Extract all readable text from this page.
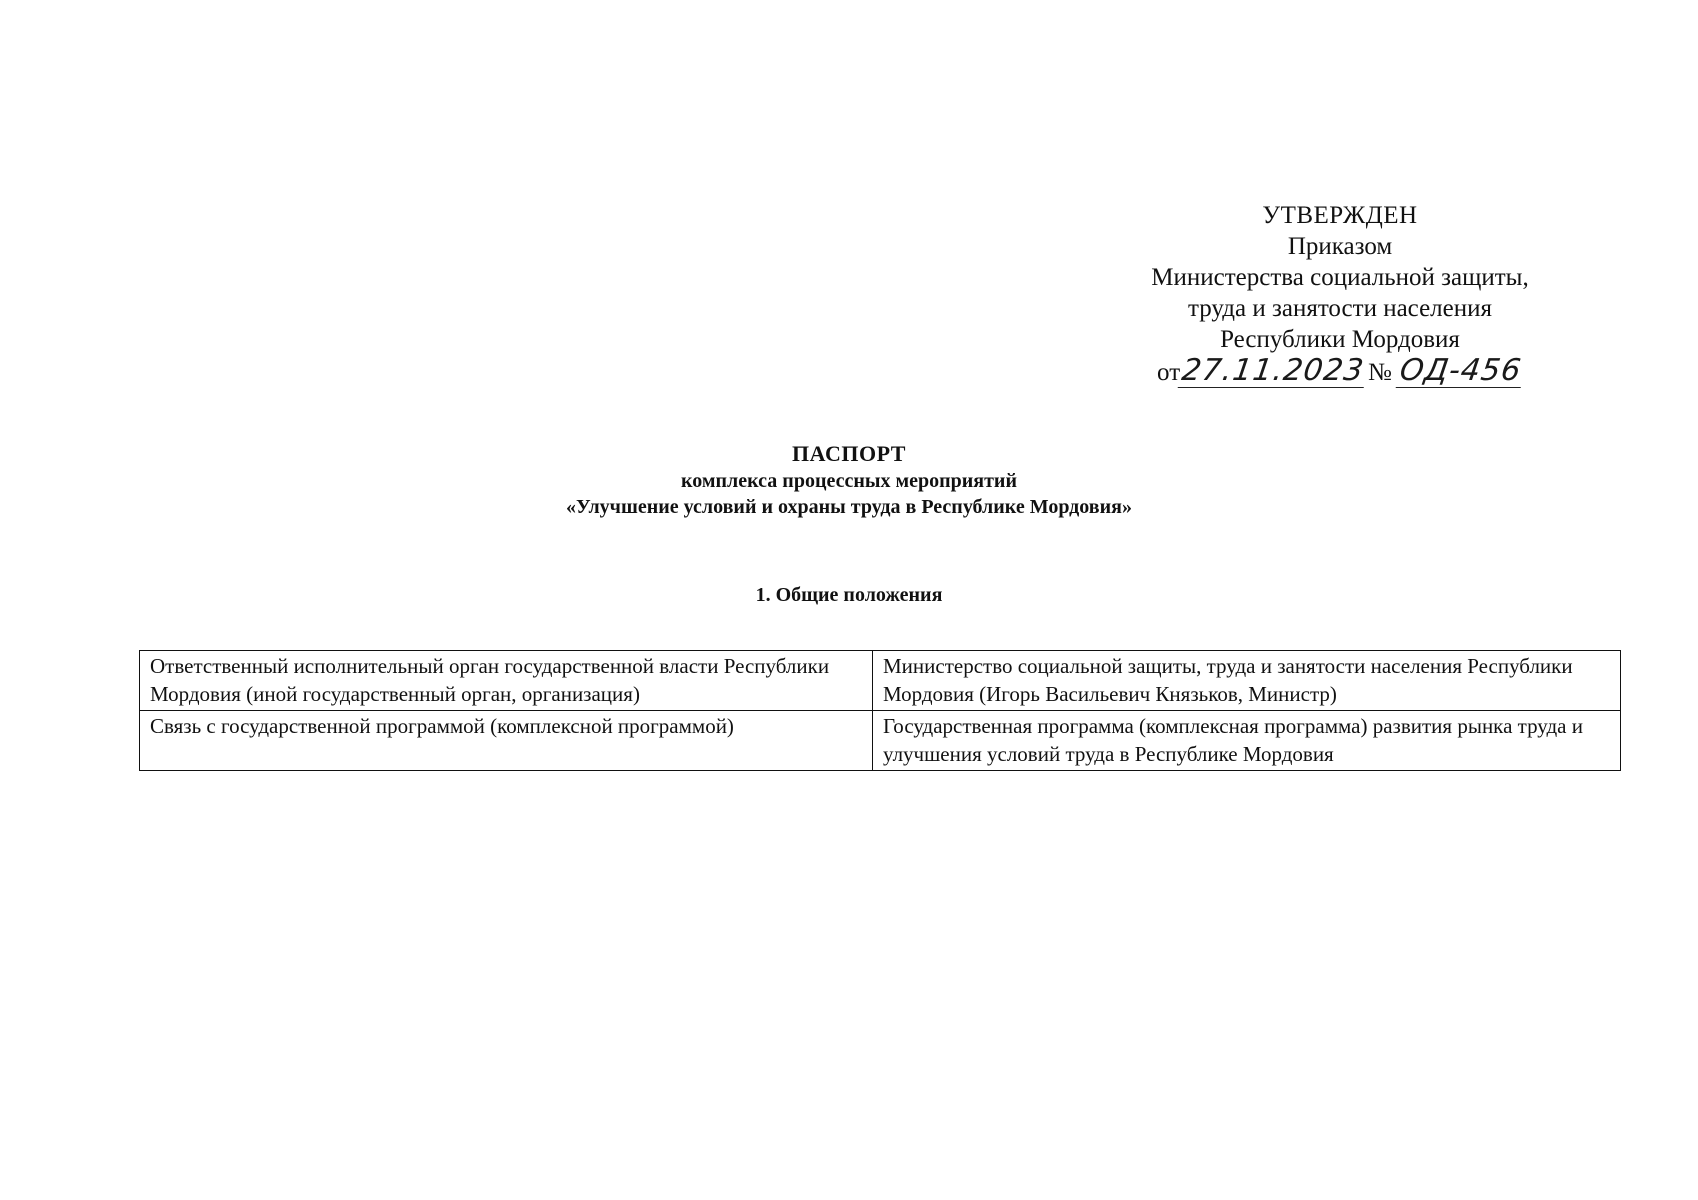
УТВЕРЖДЕН
Приказом
Министерства социальной защиты,
труда и занятости населения
Республики Мордовия
от27.11.2023№ ОД-456
ПАСПОРТ
комплекса процессных мероприятий
«Улучшение условий и охраны труда в Республике Мордовия»
1. Общие положения
Ответственный исполнительный орган государственной власти Республики Мордовия (иной государственный орган, организация)	Министерство социальной защиты, труда и занятости населения Республики Мордовия (Игорь Васильевич Князьков, Министр)
Связь с государственной программой (комплексной программой)	Государственная программа (комплексная программа) развития рынка труда и улучшения условий труда в Республике Мордовия
